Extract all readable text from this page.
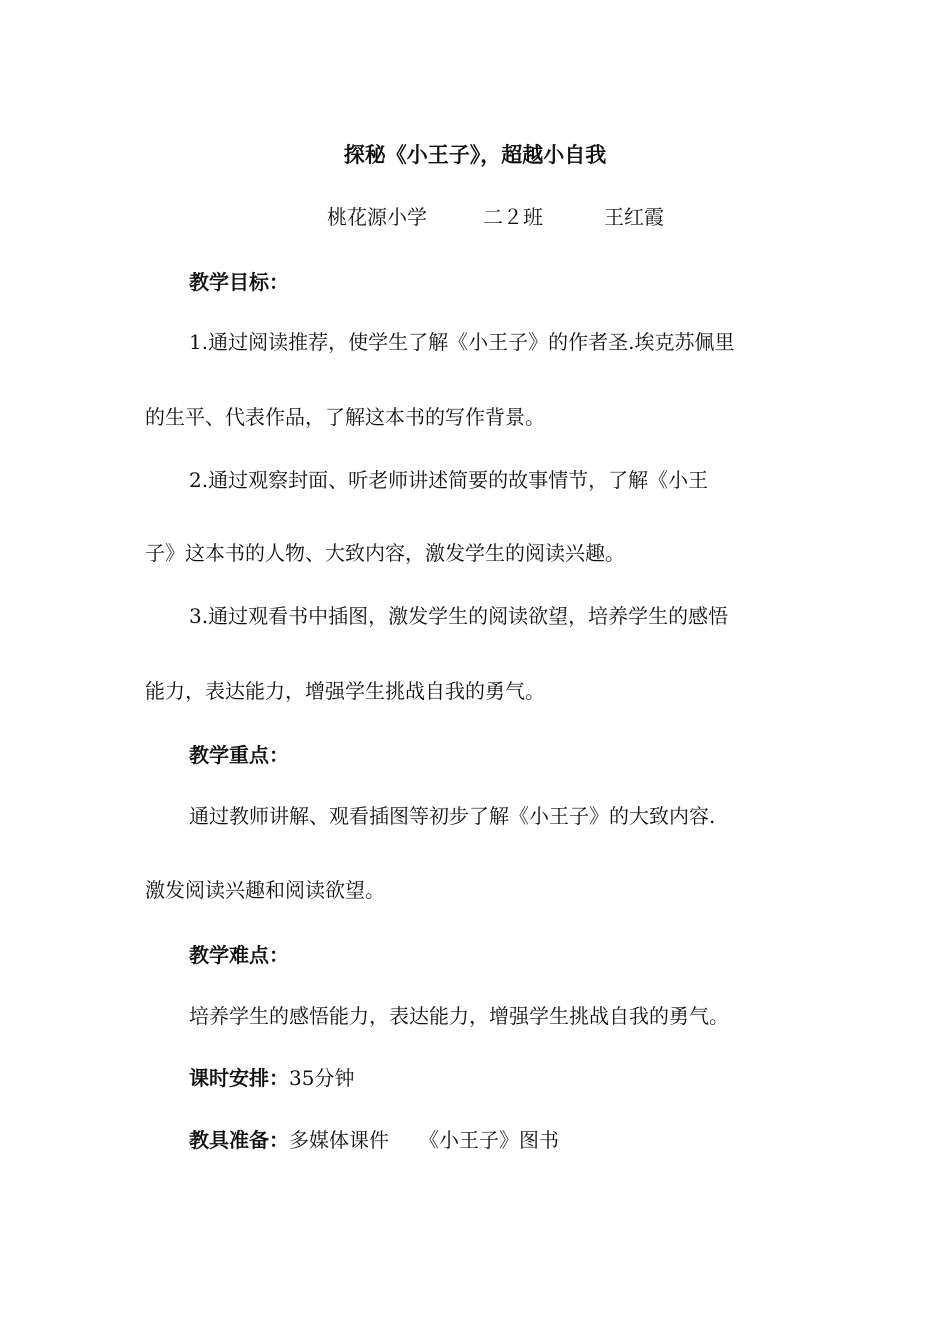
探秘《小王子》，超越小自我
桃花源小学	二２班	王红霞
教学目标：
1.通过阅读推荐，使学生了解《小王子》的作者圣.埃克苏佩里
的生平、代表作品，了解这本书的写作背景。
2.通过观察封面、听老师讲述简要的故事情节，了解《小王
子》这本书的人物、大致内容，激发学生的阅读兴趣。
3.通过观看书中插图，激发学生的阅读欲望，培养学生的感悟
能力，表达能力，增强学生挑战自我的勇气。
教学重点：
通过教师讲解、观看插图等初步了解《小王子》的大致内容.
激发阅读兴趣和阅读欲望。
教学难点：
培养学生的感悟能力，表达能力，增强学生挑战自我的勇气。
课时安排：35分钟
教具准备：多媒体课件 《小王子》图书
